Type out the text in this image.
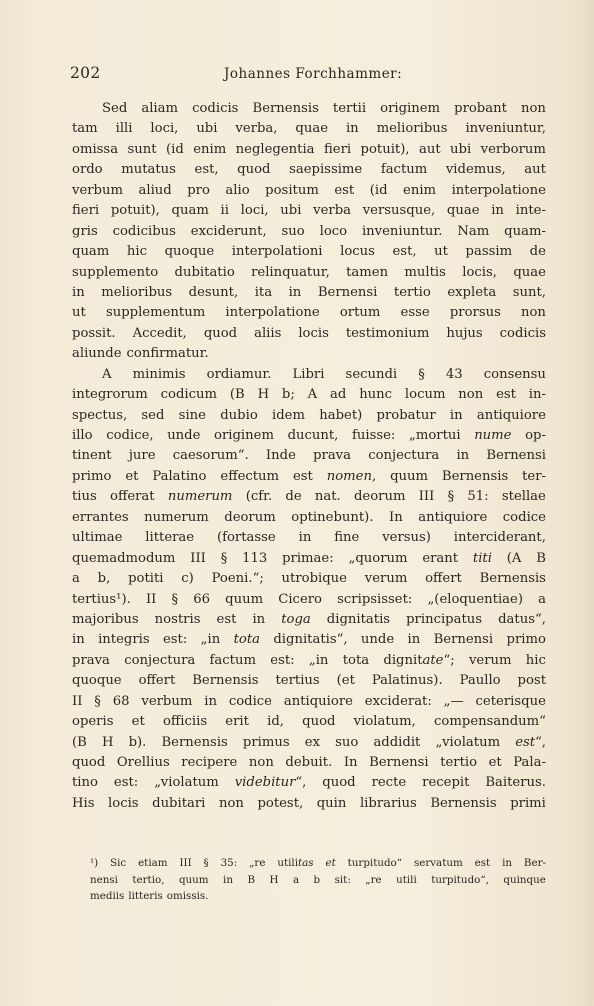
202	Johannes Forchhammer:
Sed aliam codicis Bernensis tertii originem probant non
tam illi loci, ubi verba, quae in melioribus inveniuntur,
omissa sunt (id enim neglegentia fieri potuit), aut ubi verborum
ordo mutatus est, quod saepissime factum videmus, aut
verbum aliud pro alio positum est (id enim interpolatione
fieri potuit), quam ii loci, ubi verba versusque, quae in inte-
gris codicibus exciderunt, suo loco inveniuntur. Nam quam-
quam hic quoque interpolationi locus est, ut passim de
supplemento dubitatio relinquatur, tamen multis locis, quae
in melioribus desunt, ita in Bernensi tertio expleta sunt,
ut supplementum interpolatione ortum esse prorsus non
possit. Accedit, quod aliis locis testimonium hujus codicis
aliunde confirmatur.
A minimis ordiamur. Libri secundi § 43 consensu
integrorum codicum (B H b; A ad hunc locum non est in-
spectus, sed sine dubio idem habet) probatur in antiquiore
illo codice, unde originem ducunt, fuisse: „mortui nume op-
tinent jure caesorum“. Inde prava conjectura in Bernensi
primo et Palatino effectum est nomen, quum Bernensis ter-
tius offerat numerum (cfr. de nat. deorum III § 51: stellae
errantes numerum deorum optinebunt). In antiquiore codice
ultimae litterae (fortasse in fine versus) interciderant,
quemadmodum III § 113 primae: „quorum erant titi (A B
a b, potiti c) Poeni.“; utrobique verum offert Bernensis
tertius¹). II § 66 quum Cicero scripsisset: „(eloquentiae) a
majoribus nostris est in toga dignitatis principatus datus“,
in integris est: „in tota dignitatis“, unde in Bernensi primo
prava conjectura factum est: „in tota dignitate“; verum hic
quoque offert Bernensis tertius (et Palatinus). Paullo post
II § 68 verbum in codice antiquiore exciderat: „— ceterisque
operis et officiis erit id, quod violatum, compensandum“
(B H b). Bernensis primus ex suo addidit „violatum est“,
quod Orellius recipere non debuit. In Bernensi tertio et Pala-
tino est: „violatum videbitur“, quod recte recepit Baiterus.
His locis dubitari non potest, quin librarius Bernensis primi
¹) Sic etiam III § 35: „re utilitas et turpitudo“ servatum est in Ber-
nensi tertio, quum in B H a b sit: „re utili turpitudo“, quinque
mediis litteris omissis.
